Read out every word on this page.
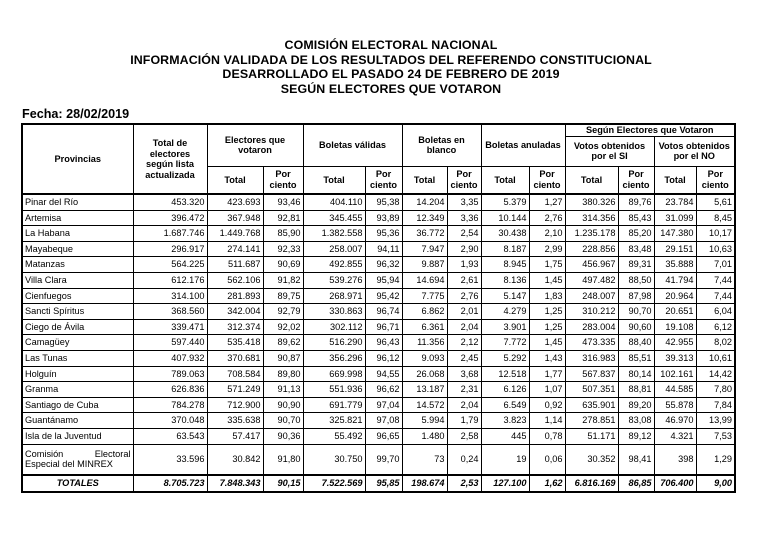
COMISIÓN ELECTORAL NACIONAL
INFORMACIÓN VALIDADA DE LOS RESULTADOS DEL REFERENDO CONSTITUCIONAL
DESARROLLADO EL PASADO 24 DE FEBRERO DE 2019
SEGÚN ELECTORES QUE VOTARON
Fecha: 28/02/2019
Provincias	Total de electores según lista actualizada	Electores que votaron		Boletas válidas		Boletas en blanco		Boletas anuladas		Según Electores que Votaron			
										Votos obtenidos por el SI		Votos obtenidos por el NO	
		Total	Por ciento	Total	Por ciento	Total	Por ciento	Total	Por ciento	Total	Por ciento	Total	Por ciento
Pinar del Río	453.320	423.693	93,46	404.110	95,38	14.204	3,35	5.379	1,27	380.326	89,76	23.784	5,61
Artemisa	396.472	367.948	92,81	345.455	93,89	12.349	3,36	10.144	2,76	314.356	85,43	31.099	8,45
La Habana	1.687.746	1.449.768	85,90	1.382.558	95,36	36.772	2,54	30.438	2,10	1.235.178	85,20	147.380	10,17
Mayabeque	296.917	274.141	92,33	258.007	94,11	7.947	2,90	8.187	2,99	228.856	83,48	29.151	10,63
Matanzas	564.225	511.687	90,69	492.855	96,32	9.887	1,93	8.945	1,75	456.967	89,31	35.888	7,01
Villa Clara	612.176	562.106	91,82	539.276	95,94	14.694	2,61	8.136	1,45	497.482	88,50	41.794	7,44
Cienfuegos	314.100	281.893	89,75	268.971	95,42	7.775	2,76	5.147	1,83	248.007	87,98	20.964	7,44
Sancti Spíritus	368.560	342.004	92,79	330.863	96,74	6.862	2,01	4.279	1,25	310.212	90,70	20.651	6,04
Ciego de Ávila	339.471	312.374	92,02	302.112	96,71	6.361	2,04	3.901	1,25	283.004	90,60	19.108	6,12
Camagüey	597.440	535.418	89,62	516.290	96,43	11.356	2,12	7.772	1,45	473.335	88,40	42.955	8,02
Las Tunas	407.932	370.681	90,87	356.296	96,12	9.093	2,45	5.292	1,43	316.983	85,51	39.313	10,61
Holguín	789.063	708.584	89,80	669.998	94,55	26.068	3,68	12.518	1,77	567.837	80,14	102.161	14,42
Granma	626.836	571.249	91,13	551.936	96,62	13.187	2,31	6.126	1,07	507.351	88,81	44.585	7,80
Santiago de Cuba	784.278	712.900	90,90	691.779	97,04	14.572	2,04	6.549	0,92	635.901	89,20	55.878	7,84
Guantánamo	370.048	335.638	90,70	325.821	97,08	5.994	1,79	3.823	1,14	278.851	83,08	46.970	13,99
Isla de la Juventud	63.543	57.417	90,36	55.492	96,65	1.480	2,58	445	0,78	51.171	89,12	4.321	7,53
Comisión Electoral Especial del MINREX	33.596	30.842	91,80	30.750	99,70	73	0,24	19	0,06	30.352	98,41	398	1,29
TOTALES	8.705.723	7.848.343	90,15	7.522.569	95,85	198.674	2,53	127.100	1,62	6.816.169	86,85	706.400	9,00
